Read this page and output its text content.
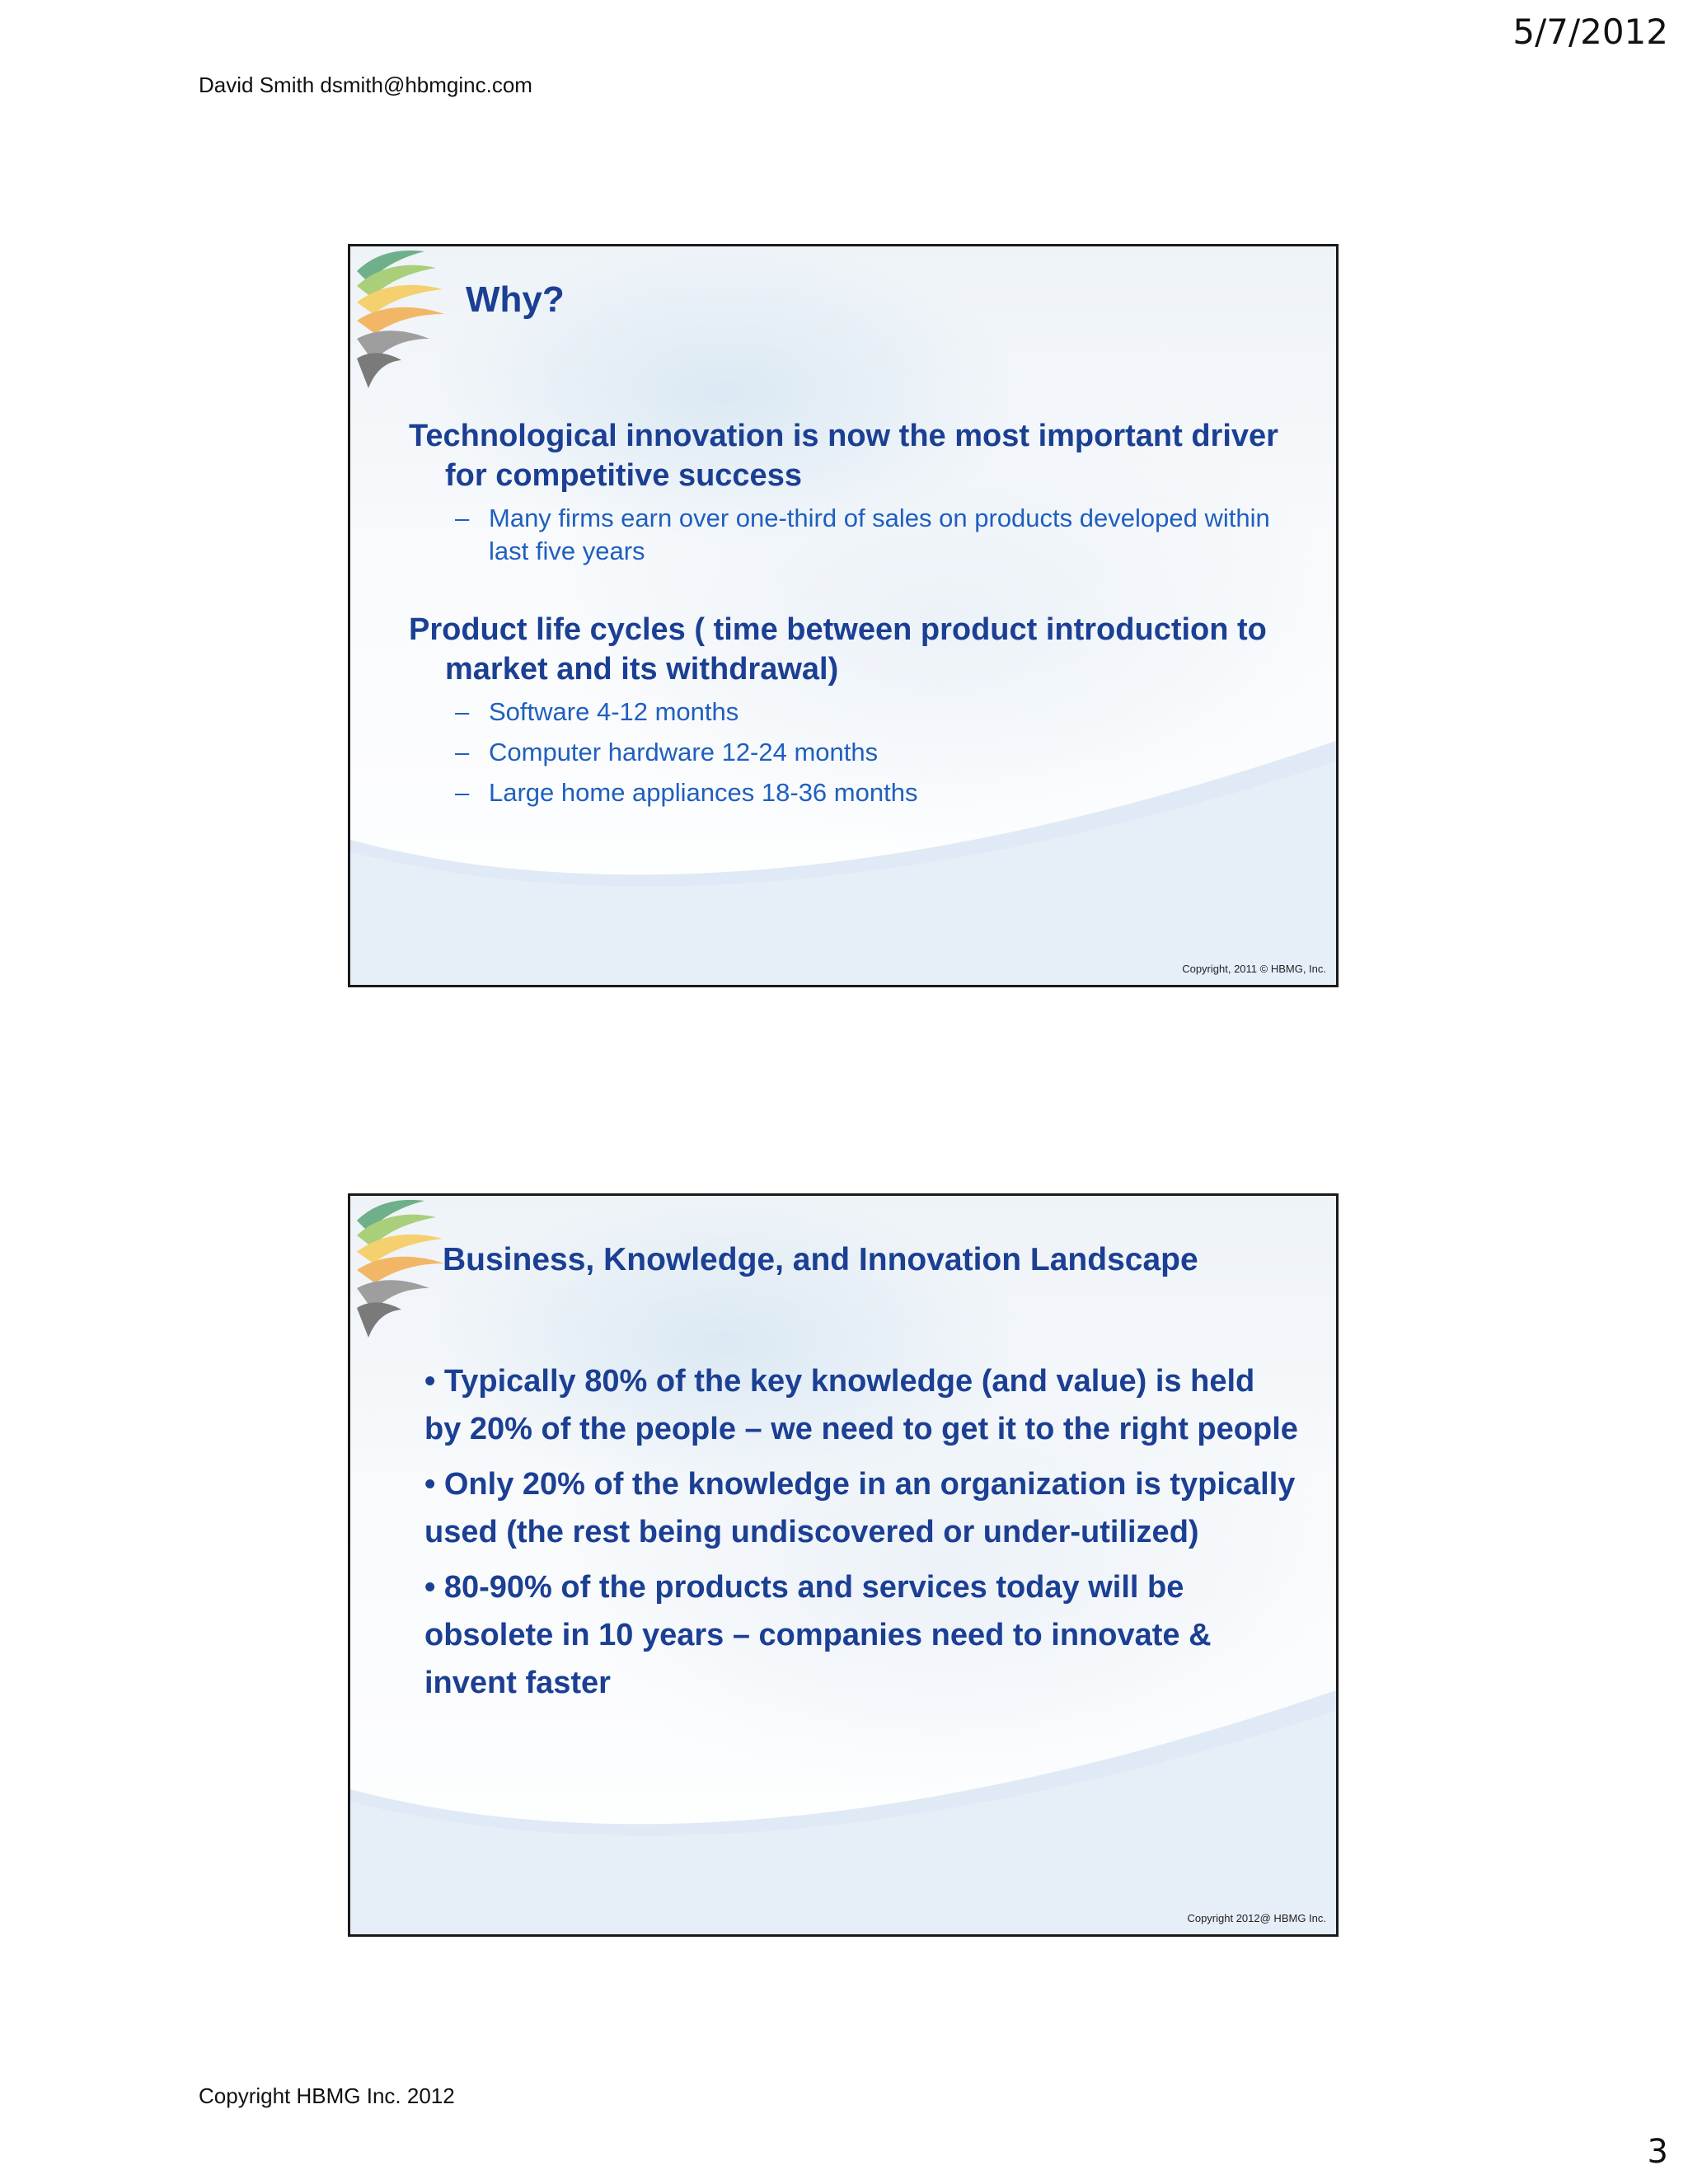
5/7/2012
David Smith dsmith@hbmginc.com
Why?

Technological innovation is now the most important driver for competitive success

– Many firms earn over one-third of sales on products developed within last five years

Product life cycles ( time between product introduction to market and its withdrawal)

– Software 4-12 months
– Computer hardware 12-24 months
– Large home appliances 18-36 months
Copyright, 2011 © HBMG, Inc.
Business, Knowledge, and Innovation Landscape

• Typically 80% of the key knowledge (and value) is held by 20% of the people – we need to get it to the right people

• Only 20% of the knowledge in an organization is typically used (the rest being undiscovered or under-utilized)

• 80-90% of the products and services today will be obsolete in 10 years – companies need to innovate & invent faster

Copyright 2012@ HBMG Inc.
Copyright HBMG Inc. 2012
3
